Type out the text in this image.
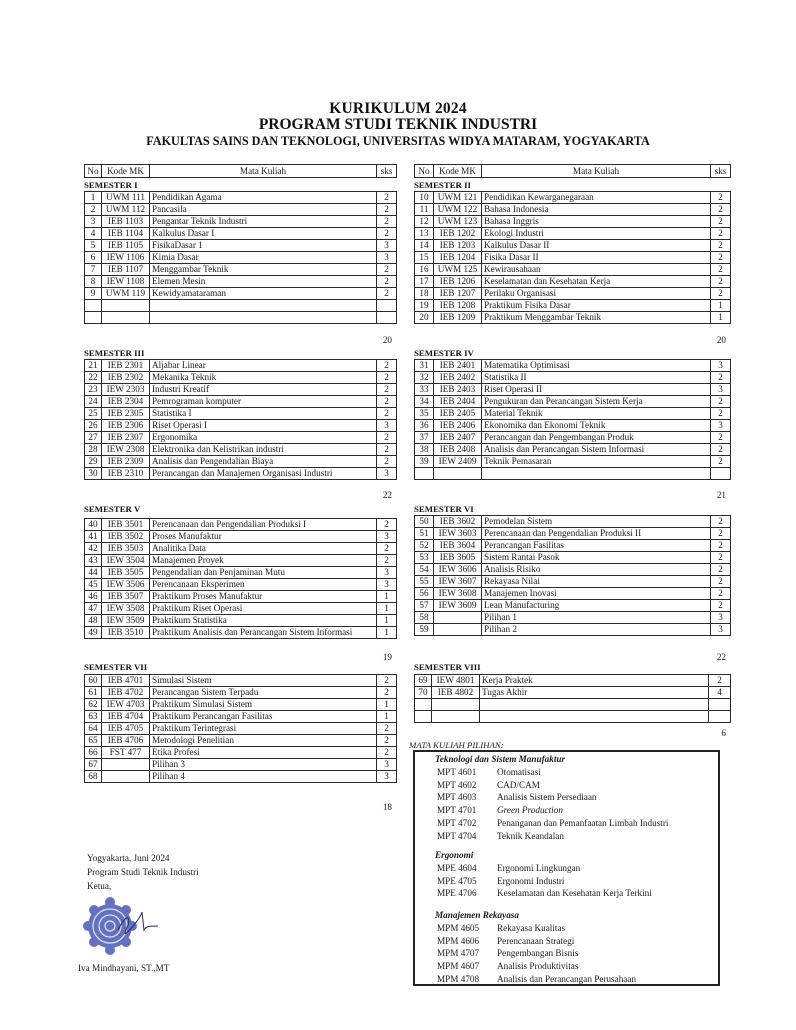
KURIKULUM 2024
PROGRAM STUDI TEKNIK INDUSTRI
FAKULTAS SAINS DAN TEKNOLOGI, UNIVERSITAS WIDYA MATARAM, YOGYAKARTA
No	Kode MK	Mata Kuliah	sks	No	Kode MK	Mata Kuliah	sks
SEMESTER I
1	UWM 111	Pendidikan Agama	2
2	UWM 112	Pancasila	2
3	IEB 1103	Pengantar Teknik Industri	2
4	IEB 1104	Kalkulus Dasar I	2
5	IEB 1105	FisikaDasar 1	3
6	IEW 1106	Kimia Dasar	3
7	IEB 1107	Menggambar Teknik	2
8	IEW 1108	Elemen Mesin	2
9	UWM 119	Kewidyamataraman	2

20
SEMESTER II
10	UWM 121	Pendidikan Kewarganegaraan	2
11	UWM 122	Bahasa Indonesia	2
12	UWM 123	Bahasa Inggris	2
13	IEB 1202	Ekologi Industri	2
14	IEB 1203	Kalkulus Dasar II	2
15	IEB 1204	Fisika Dasar II	2
16	UWM 125	Kewirausahaan	2
17	IEB 1206	Keselamatan dan Kesehatan Kerja	2
18	IEB 1207	Perilaku Organisasi	2
19	IEB 1208	Praktikum Fisika Dasar	1
20	IEB 1209	Praktikum Menggambar Teknik	1
20
SEMESTER III
21	IEB 2301	Aljabar Linear	2
22	IEB 2302	Mekanika Teknik	2
23	IEW 2303	Industri Kreatif	2
24	IEB 2304	Pemrograman komputer	2
25	IEB 2305	Statistika I	2
26	IEB 2306	Riset Operasi I	3
27	IEB 2307	Ergonomika	2
28	IEW 2308	Elektronika dan Kelistrikan industri	2
29	IEB 2309	Analisis dan Pengendalian Biaya	2
30	IEB 2310	Perancangan dan Manajemen Organisasi Industri	3
22
SEMESTER IV
31	IEB 2401	Matematika Optimisasi	3
32	IEB 2402	Statistika II	2
33	IEB 2403	Riset Operasi II	3
34	IEB 2404	Pengukuran dan Perancangan Sistem Kerja	2
35	IEB 2405	Material Teknik	2
36	IEB 2406	Ekonomika dan Ekonomi Teknik	3
37	IEB 2407	Perancangan dan Pengembangan Produk	2
38	IEB 2408	Analisis dan Perancangan Sistem Informasi	2
39	IEW 2409	Teknik Pemasaran	2

21
SEMESTER V
40	IEB 3501	Perencanaan dan Pengendalian Produksi I	2
41	IEB 3502	Proses Manufaktur	3
42	IEB 3503	Analitika Data	2
43	IEW 3504	Manajemen Proyek	2
44	IEB 3505	Pengendalian dan Penjaminan Mutu	3
45	IEW 3506	Perencanaan Eksperimen	3
46	IEB 3507	Praktikum Proses Manufaktur	1
47	IEW 3508	Praktikum Riset Operasi	1
48	IEW 3509	Praktikum Statistika	1
49	IEB 3510	Praktikum Analisis dan Perancangan Sistem Informasi	1
19
SEMESTER VI
50	IEB 3602	Pemodelan Sistem	2
51	IEW 3603	Perencanaan dan Pengendalian Produksi II	2
52	IEB 3604	Perancangan Fasilitas	2
53	IEB 3605	Sistem Rantai Pasok	2
54	IEW 3606	Analisis Risiko	2
55	IEW 3607	Rekayasa Nilai	2
56	IEW 3608	Manajemen Inovasi	2
57	IEW 3609	Lean Manufacturing	2
58		Pilihan 1	3
59		Pilihan 2	3
22
SEMESTER VII
60	IEB 4701	Simulasi Sistem	2
61	IEB 4702	Perancangan Sistem Terpadu	2
62	IEW 4703	Praktikum Simulasi Sistem	1
63	IEB 4704	Praktikum Perancangan Fasilitas	1
64	IEB 4705	Praktikum Terintegrasi	2
65	IEB 4706	Metodologi Penelitian	2
66	FST 477	Etika Profesi	2
67		Pilihan 3	3
68		Pilihan 4	3
18
SEMESTER VIII
69	IEW 4801	Kerja Praktek	2
70	IEB 4802	Tugas Akhir	4

6
MATA KULIAH PILIHAN:
Teknologi dan Sistem Manufaktur
MPT 4601 Otomatisasi
MPT 4602 CAD/CAM
MPT 4603 Analisis Sistem Persediaan
MPT 4701 Green Production
MPT 4702 Penanganan dan Pemanfaatan Limbah Industri
MPT 4704 Teknik Keandalan
Ergonomi
MPE 4604 Ergonomi Lingkungan
MPE 4705 Ergonomi Industri
MPE 4706 Keselamatan dan Kesehatan Kerja Terkini
Manajemen Rekayasa
MPM 4605 Rekayasa Kualitas
MPM 4606 Perencanaan Strategi
MPM 4707 Pengembangan Bisnis
MPM 4607 Analisis Produktivitas
MPM 4708 Analisis dan Perancangan Perusahaan
Yogyakarta, Juni 2024
Program Studi Teknik Industri
Ketua,
Iva Mindhayani, ST.,MT
